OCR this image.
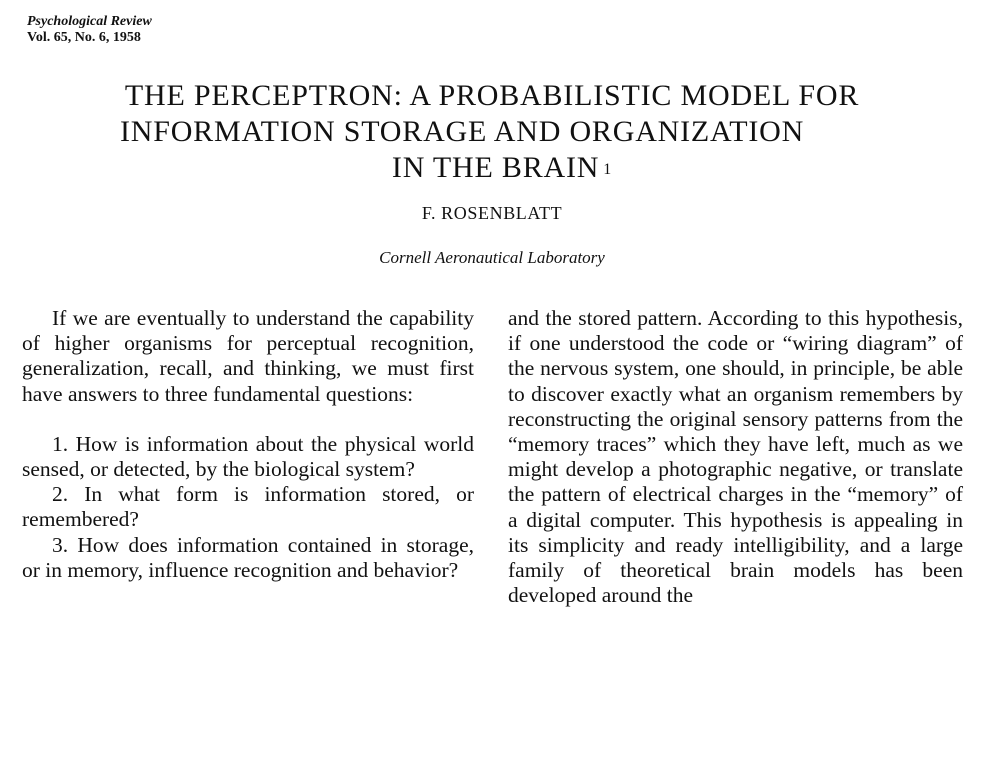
Psychological Review
Vol. 65, No. 6, 1958
THE PERCEPTRON: A PROBABILISTIC MODEL FOR
INFORMATION STORAGE AND ORGANIZATION
IN THE BRAIN $^1$
F. ROSENBLATT
Cornell Aeronautical Laboratory

If we are eventually to understand the capability of higher organisms for perceptual recognition, generalization, recall, and thinking, we must first have answers to three fundamental questions:

1. How is information about the physical world sensed, or detected, by the biological system?

2. In what form is information stored, or remembered?

3. How does information contained in storage, or in memory, influence recognition and behavior?

and the stored pattern. According to this hypothesis, if one understood the code or “wiring diagram” of the nervous system, one should, in principle, be able to discover exactly what an organism remembers by reconstructing the original sensory patterns from the “memory traces” which they have left, much as we might develop a photographic negative, or translate the pattern of electrical charges in the “memory” of a digital computer. This hypothesis is appealing in its simplicity and ready intelligibility, and a large family of theoretical brain models has been developed around the
